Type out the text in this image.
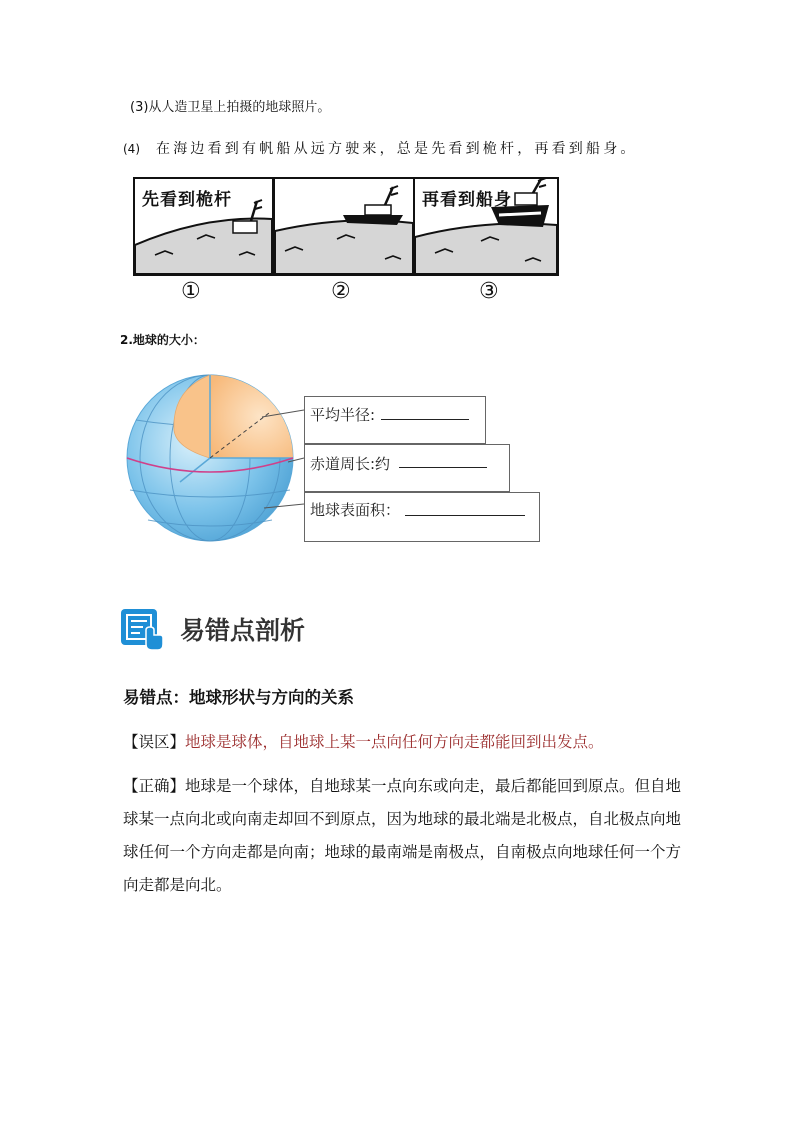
(3)从人造卫星上拍摄的地球照片。
(4) 在海边看到有帆船从远方驶来，总是先看到桅杆，再看到船身。
先看到桅杆	再看到船身
①	②	③
2.地球的大小：
平均半径:
赤道周长:约
地球表面积：
易错点剖析
易错点：地球形状与方向的关系
【误区】地球是球体，自地球上某一点向任何方向走都能回到出发点。
【正确】地球是一个球体，自地球某一点向东或向走，最后都能回到原点。但自地球某一点向北或向南走却回不到原点，因为地球的最北端是北极点，自北极点向地球任何一个方向走都是向南；地球的最南端是南极点，自南极点向地球任何一个方向走都是向北。
